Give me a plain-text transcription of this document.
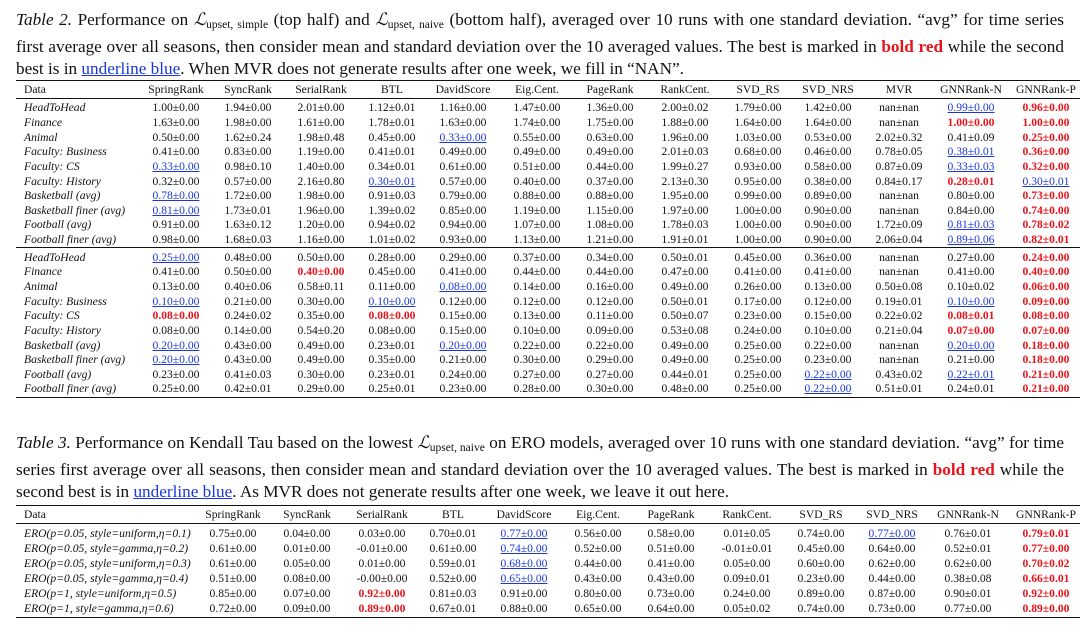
Table 2. Performance on ℒ$_{upset, simple}$ (top half) and ℒ$_{upset, naive}$ (bottom half), averaged over 10 runs with one standard deviation. “avg” for time series first average over all seasons, then consider mean and standard deviation over the 10 averaged values. The best is marked in bold red while the second best is in underline blue. When MVR does not generate results after one week, we fill in “NAN”.
Data	SpringRank	SyncRank	SerialRank	BTL	DavidScore	Eig.Cent.	PageRank	RankCent.	SVD_RS	SVD_NRS	MVR	GNNRank-N	GNNRank-P
HeadToHead	1.00±0.00	1.94±0.00	2.01±0.00	1.12±0.01	1.16±0.00	1.47±0.00	1.36±0.00	2.00±0.02	1.79±0.00	1.42±0.00	nan±nan	0.99±0.00	0.96±0.00
Finance	1.63±0.00	1.98±0.00	1.61±0.00	1.78±0.01	1.63±0.00	1.74±0.00	1.75±0.00	1.88±0.00	1.64±0.00	1.64±0.00	nan±nan	1.00±0.00	1.00±0.00
Animal	0.50±0.00	1.62±0.24	1.98±0.48	0.45±0.00	0.33±0.00	0.55±0.00	0.63±0.00	1.96±0.00	1.03±0.00	0.53±0.00	2.02±0.32	0.41±0.09	0.25±0.00
Faculty: Business	0.41±0.00	0.83±0.00	1.19±0.00	0.41±0.01	0.49±0.00	0.49±0.00	0.49±0.00	2.01±0.03	0.68±0.00	0.46±0.00	0.78±0.05	0.38±0.01	0.36±0.00
Faculty: CS	0.33±0.00	0.98±0.10	1.40±0.00	0.34±0.01	0.61±0.00	0.51±0.00	0.44±0.00	1.99±0.27	0.93±0.00	0.58±0.00	0.87±0.09	0.33±0.03	0.32±0.00
Faculty: History	0.32±0.00	0.57±0.00	2.16±0.80	0.30±0.01	0.57±0.00	0.40±0.00	0.37±0.00	2.13±0.30	0.95±0.00	0.38±0.00	0.84±0.17	0.28±0.01	0.30±0.01
Basketball (avg)	0.78±0.00	1.72±0.00	1.98±0.00	0.91±0.03	0.79±0.00	0.88±0.00	0.88±0.00	1.95±0.00	0.99±0.00	0.89±0.00	nan±nan	0.80±0.00	0.73±0.00
Basketball finer (avg)	0.81±0.00	1.73±0.01	1.96±0.00	1.39±0.02	0.85±0.00	1.19±0.00	1.15±0.00	1.97±0.00	1.00±0.00	0.90±0.00	nan±nan	0.84±0.00	0.74±0.00
Football (avg)	0.91±0.00	1.63±0.12	1.20±0.00	0.94±0.02	0.94±0.00	1.07±0.00	1.08±0.00	1.78±0.03	1.00±0.00	0.90±0.00	1.72±0.09	0.81±0.03	0.78±0.02
Football finer (avg)	0.98±0.00	1.68±0.03	1.16±0.00	1.01±0.02	0.93±0.00	1.13±0.00	1.21±0.00	1.91±0.01	1.00±0.00	0.90±0.00	2.06±0.04	0.89±0.06	0.82±0.01
HeadToHead	0.25±0.00	0.48±0.00	0.50±0.00	0.28±0.00	0.29±0.00	0.37±0.00	0.34±0.00	0.50±0.01	0.45±0.00	0.36±0.00	nan±nan	0.27±0.00	0.24±0.00
Finance	0.41±0.00	0.50±0.00	0.40±0.00	0.45±0.00	0.41±0.00	0.44±0.00	0.44±0.00	0.47±0.00	0.41±0.00	0.41±0.00	nan±nan	0.41±0.00	0.40±0.00
Animal	0.13±0.00	0.40±0.06	0.58±0.11	0.11±0.00	0.08±0.00	0.14±0.00	0.16±0.00	0.49±0.00	0.26±0.00	0.13±0.00	0.50±0.08	0.10±0.02	0.06±0.00
Faculty: Business	0.10±0.00	0.21±0.00	0.30±0.00	0.10±0.00	0.12±0.00	0.12±0.00	0.12±0.00	0.50±0.01	0.17±0.00	0.12±0.00	0.19±0.01	0.10±0.00	0.09±0.00
Faculty: CS	0.08±0.00	0.24±0.02	0.35±0.00	0.08±0.00	0.15±0.00	0.13±0.00	0.11±0.00	0.50±0.07	0.23±0.00	0.15±0.00	0.22±0.02	0.08±0.01	0.08±0.00
Faculty: History	0.08±0.00	0.14±0.00	0.54±0.20	0.08±0.00	0.15±0.00	0.10±0.00	0.09±0.00	0.53±0.08	0.24±0.00	0.10±0.00	0.21±0.04	0.07±0.00	0.07±0.00
Basketball (avg)	0.20±0.00	0.43±0.00	0.49±0.00	0.23±0.01	0.20±0.00	0.22±0.00	0.22±0.00	0.49±0.00	0.25±0.00	0.22±0.00	nan±nan	0.20±0.00	0.18±0.00
Basketball finer (avg)	0.20±0.00	0.43±0.00	0.49±0.00	0.35±0.00	0.21±0.00	0.30±0.00	0.29±0.00	0.49±0.00	0.25±0.00	0.23±0.00	nan±nan	0.21±0.00	0.18±0.00
Football (avg)	0.23±0.00	0.41±0.03	0.30±0.00	0.23±0.01	0.24±0.00	0.27±0.00	0.27±0.00	0.44±0.01	0.25±0.00	0.22±0.00	0.43±0.02	0.22±0.01	0.21±0.00
Football finer (avg)	0.25±0.00	0.42±0.01	0.29±0.00	0.25±0.01	0.23±0.00	0.28±0.00	0.30±0.00	0.48±0.00	0.25±0.00	0.22±0.00	0.51±0.01	0.24±0.01	0.21±0.00
Table 3. Performance on Kendall Tau based on the lowest ℒ$_{upset, naive}$ on ERO models, averaged over 10 runs with one standard deviation. “avg” for time series first average over all seasons, then consider mean and standard deviation over the 10 averaged values. The best is marked in bold red while the second best is in underline blue. As MVR does not generate results after one week, we leave it out here.
Data	SpringRank	SyncRank	SerialRank	BTL	DavidScore	Eig.Cent.	PageRank	RankCent.	SVD_RS	SVD_NRS	GNNRank-N	GNNRank-P
ERO(p=0.05, style=uniform,η=0.1)	0.75±0.00	0.04±0.00	0.03±0.00	0.70±0.01	0.77±0.00	0.56±0.00	0.58±0.00	0.01±0.05	0.74±0.00	0.77±0.00	0.76±0.01	0.79±0.01
ERO(p=0.05, style=gamma,η=0.2)	0.61±0.00	0.01±0.00	-0.01±0.00	0.61±0.00	0.74±0.00	0.52±0.00	0.51±0.00	-0.01±0.01	0.45±0.00	0.64±0.00	0.52±0.01	0.77±0.00
ERO(p=0.05, style=uniform,η=0.3)	0.61±0.00	0.05±0.00	0.01±0.00	0.59±0.01	0.68±0.00	0.44±0.00	0.41±0.00	0.05±0.00	0.60±0.00	0.62±0.00	0.62±0.00	0.70±0.02
ERO(p=0.05, style=gamma,η=0.4)	0.51±0.00	0.08±0.00	-0.00±0.00	0.52±0.00	0.65±0.00	0.43±0.00	0.43±0.00	0.09±0.01	0.23±0.00	0.44±0.00	0.38±0.08	0.66±0.01
ERO(p=1, style=uniform,η=0.5)	0.85±0.00	0.07±0.00	0.92±0.00	0.81±0.03	0.91±0.00	0.80±0.00	0.73±0.00	0.24±0.00	0.89±0.00	0.87±0.00	0.90±0.01	0.92±0.00
ERO(p=1, style=gamma,η=0.6)	0.72±0.00	0.09±0.00	0.89±0.00	0.67±0.01	0.88±0.00	0.65±0.00	0.64±0.00	0.05±0.02	0.74±0.00	0.73±0.00	0.77±0.00	0.89±0.00
